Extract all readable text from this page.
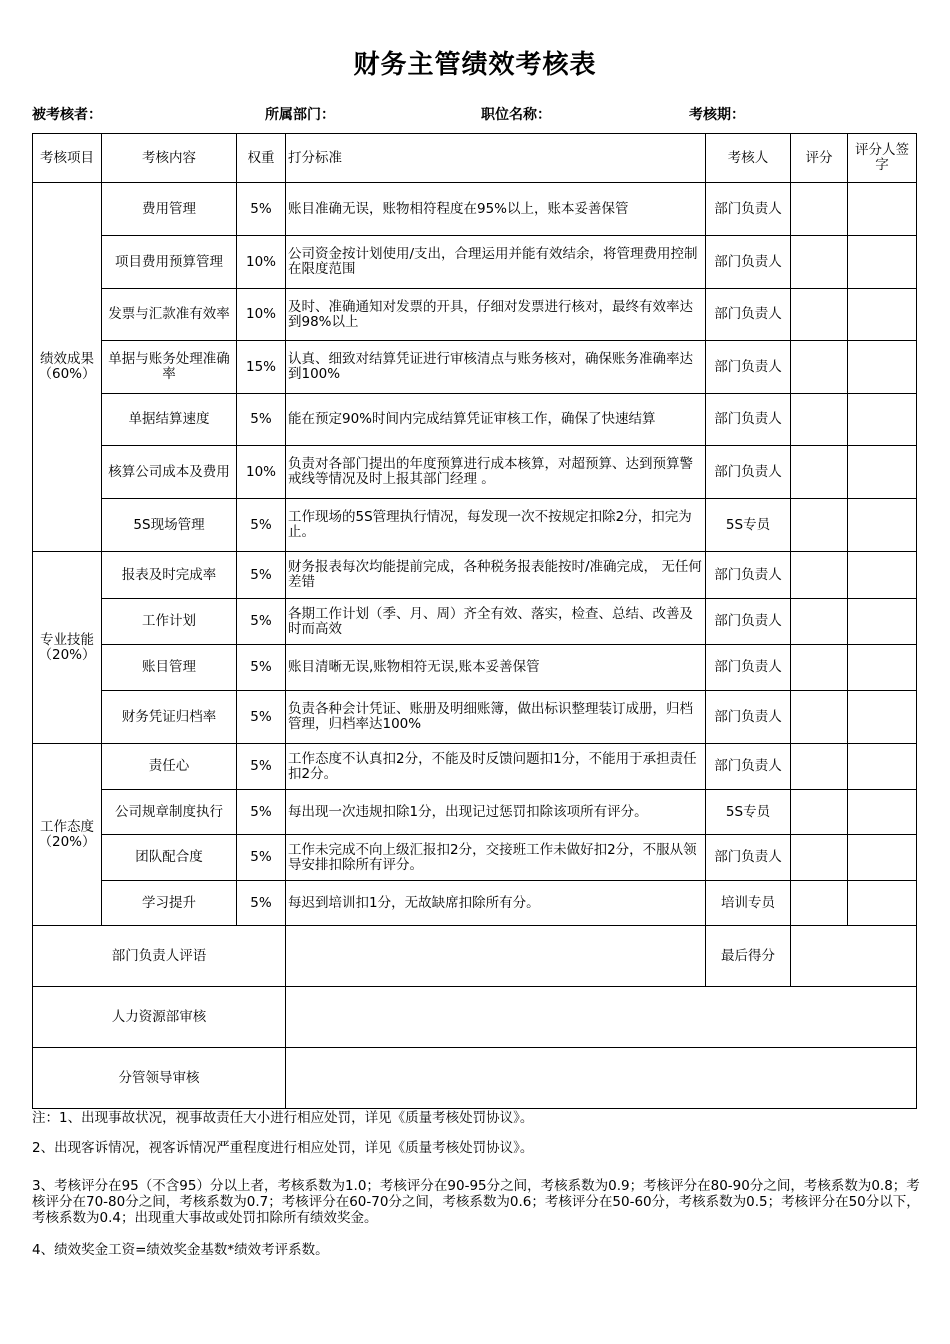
财务主管绩效考核表
被考核者：	所属部门：	职位名称：	考核期：
考核项目	考核内容	权重	打分标准	考核人	评分	评分人签字
绩效成果（60%）	费用管理	5%	账目准确无误，账物相符程度在95%以上，账本妥善保管	部门负责人		
	项目费用预算管理	10%	公司资金按计划使用/支出，合理运用并能有效结余，将管理费用控制在限度范围	部门负责人		
	发票与汇款准有效率	10%	及时、准确通知对发票的开具，仔细对发票进行核对，最终有效率达到98%以上	部门负责人		
	单据与账务处理准确率	15%	认真、细致对结算凭证进行审核清点与账务核对，确保账务准确率达到100%	部门负责人		
	单据结算速度	5%	能在预定90%时间内完成结算凭证审核工作，确保了快速结算	部门负责人		
	核算公司成本及费用	10%	负责对各部门提出的年度预算进行成本核算，对超预算、达到预算警戒线等情况及时上报其部门经理 。	部门负责人		
	5S现场管理	5%	工作现场的5S管理执行情况，每发现一次不按规定扣除2分，扣完为止。	5S专员		
专业技能（20%）	报表及时完成率	5%	财务报表每次均能提前完成，各种税务报表能按时/准确完成， 无任何差错	部门负责人		
	工作计划	5%	各期工作计划（季、月、周）齐全有效、落实，检查、总结、改善及时而高效	部门负责人		
	账目管理	5%	账目清晰无误,账物相符无误,账本妥善保管	部门负责人		
	财务凭证归档率	5%	负责各种会计凭证、账册及明细账簿，做出标识整理装订成册，归档管理，归档率达100%	部门负责人		
工作态度（20%）	责任心	5%	工作态度不认真扣2分，不能及时反馈问题扣1分，不能用于承担责任扣2分。	部门负责人		
	公司规章制度执行	5%	每出现一次违规扣除1分，出现记过惩罚扣除该项所有评分。	5S专员		
	团队配合度	5%	工作未完成不向上级汇报扣2分，交接班工作未做好扣2分，不服从领导安排扣除所有评分。	部门负责人		
	学习提升	5%	每迟到培训扣1分，无故缺席扣除所有分。	培训专员		
部门负责人评语				最后得分		
人力资源部审核						
分管领导审核						
注：1、出现事故状况，视事故责任大小进行相应处罚，详见《质量考核处罚协议》。
2、出现客诉情况，视客诉情况严重程度进行相应处罚，详见《质量考核处罚协议》。
3、考核评分在95（不含95）分以上者，考核系数为1.0；考核评分在90-95分之间，考核系数为0.9；考核评分在80-90分之间，考核系数为0.8；考核评分在70-80分之间，考核系数为0.7；考核评分在60-70分之间，考核系数为0.6；考核评分在50-60分，考核系数为0.5；考核评分在50分以下，考核系数为0.4；出现重大事故或处罚扣除所有绩效奖金。
4、绩效奖金工资=绩效奖金基数*绩效考评系数。
